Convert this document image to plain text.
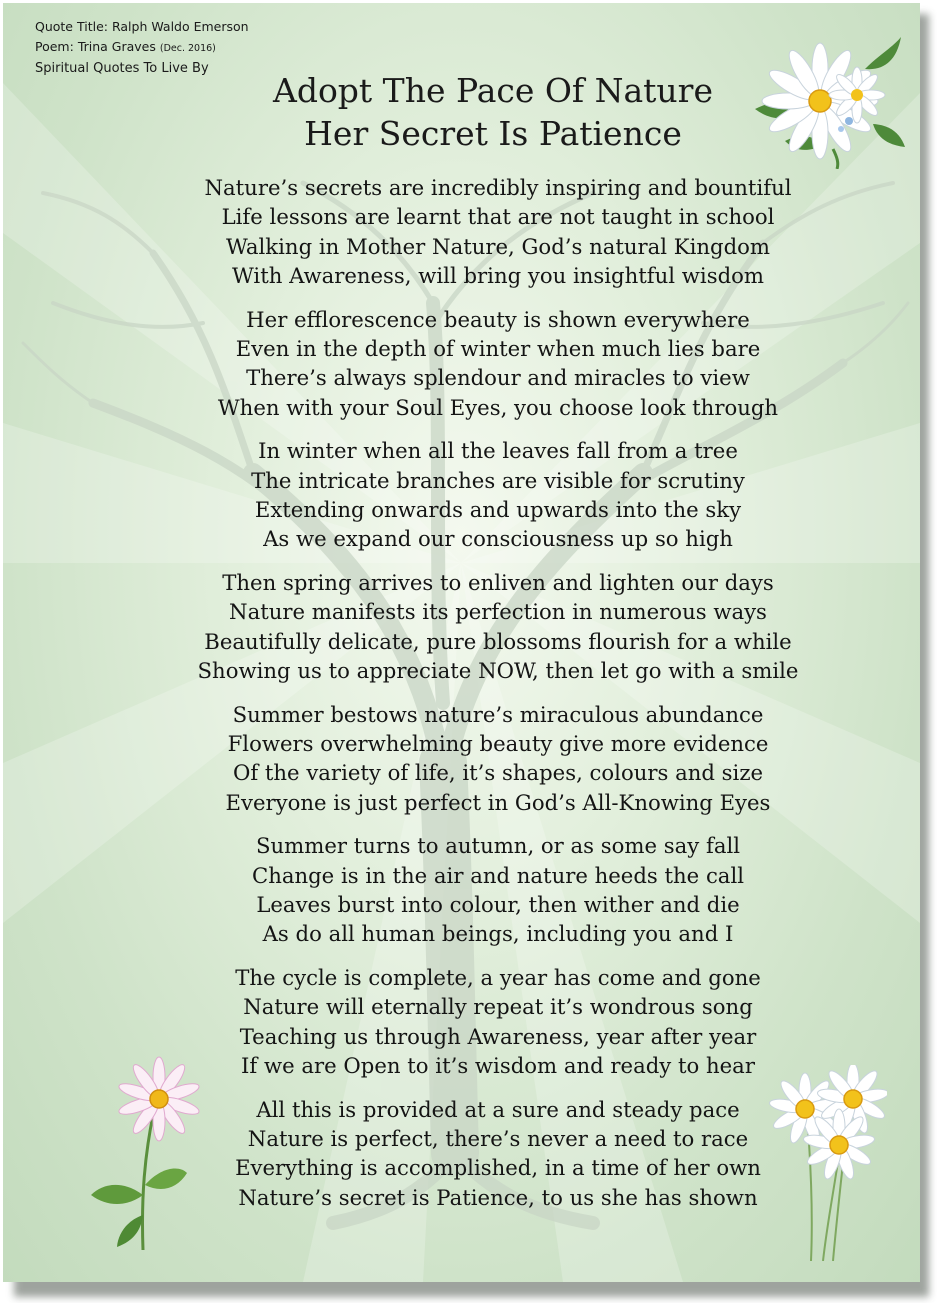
Quote Title: Ralph Waldo Emerson
Poem: Trina Graves (Dec. 2016)
Spiritual Quotes To Live By
Adopt The Pace Of Nature
Her Secret Is Patience
Nature’s secrets are incredibly inspiring and bountiful
Life lessons are learnt that are not taught in school
Walking in Mother Nature, God’s natural Kingdom
With Awareness, will bring you insightful wisdom
Her efflorescence beauty is shown everywhere
Even in the depth of winter when much lies bare
There’s always splendour and miracles to view
When with your Soul Eyes, you choose look through
In winter when all the leaves fall from a tree
The intricate branches are visible for scrutiny
Extending onwards and upwards into the sky
As we expand our consciousness up so high
Then spring arrives to enliven and lighten our days
Nature manifests its perfection in numerous ways
Beautifully delicate, pure blossoms flourish for a while
Showing us to appreciate NOW, then let go with a smile
Summer bestows nature’s miraculous abundance
Flowers overwhelming beauty give more evidence
Of the variety of life, it’s shapes, colours and size
Everyone is just perfect in God’s All-Knowing Eyes
Summer turns to autumn, or as some say fall
Change is in the air and nature heeds the call
Leaves burst into colour, then wither and die
As do all human beings, including you and I
The cycle is complete, a year has come and gone
Nature will eternally repeat it’s wondrous song
Teaching us through Awareness, year after year
If we are Open to it’s wisdom and ready to hear
All this is provided at a sure and steady pace
Nature is perfect, there’s never a need to race
Everything is accomplished, in a time of her own
Nature’s secret is Patience, to us she has shown
